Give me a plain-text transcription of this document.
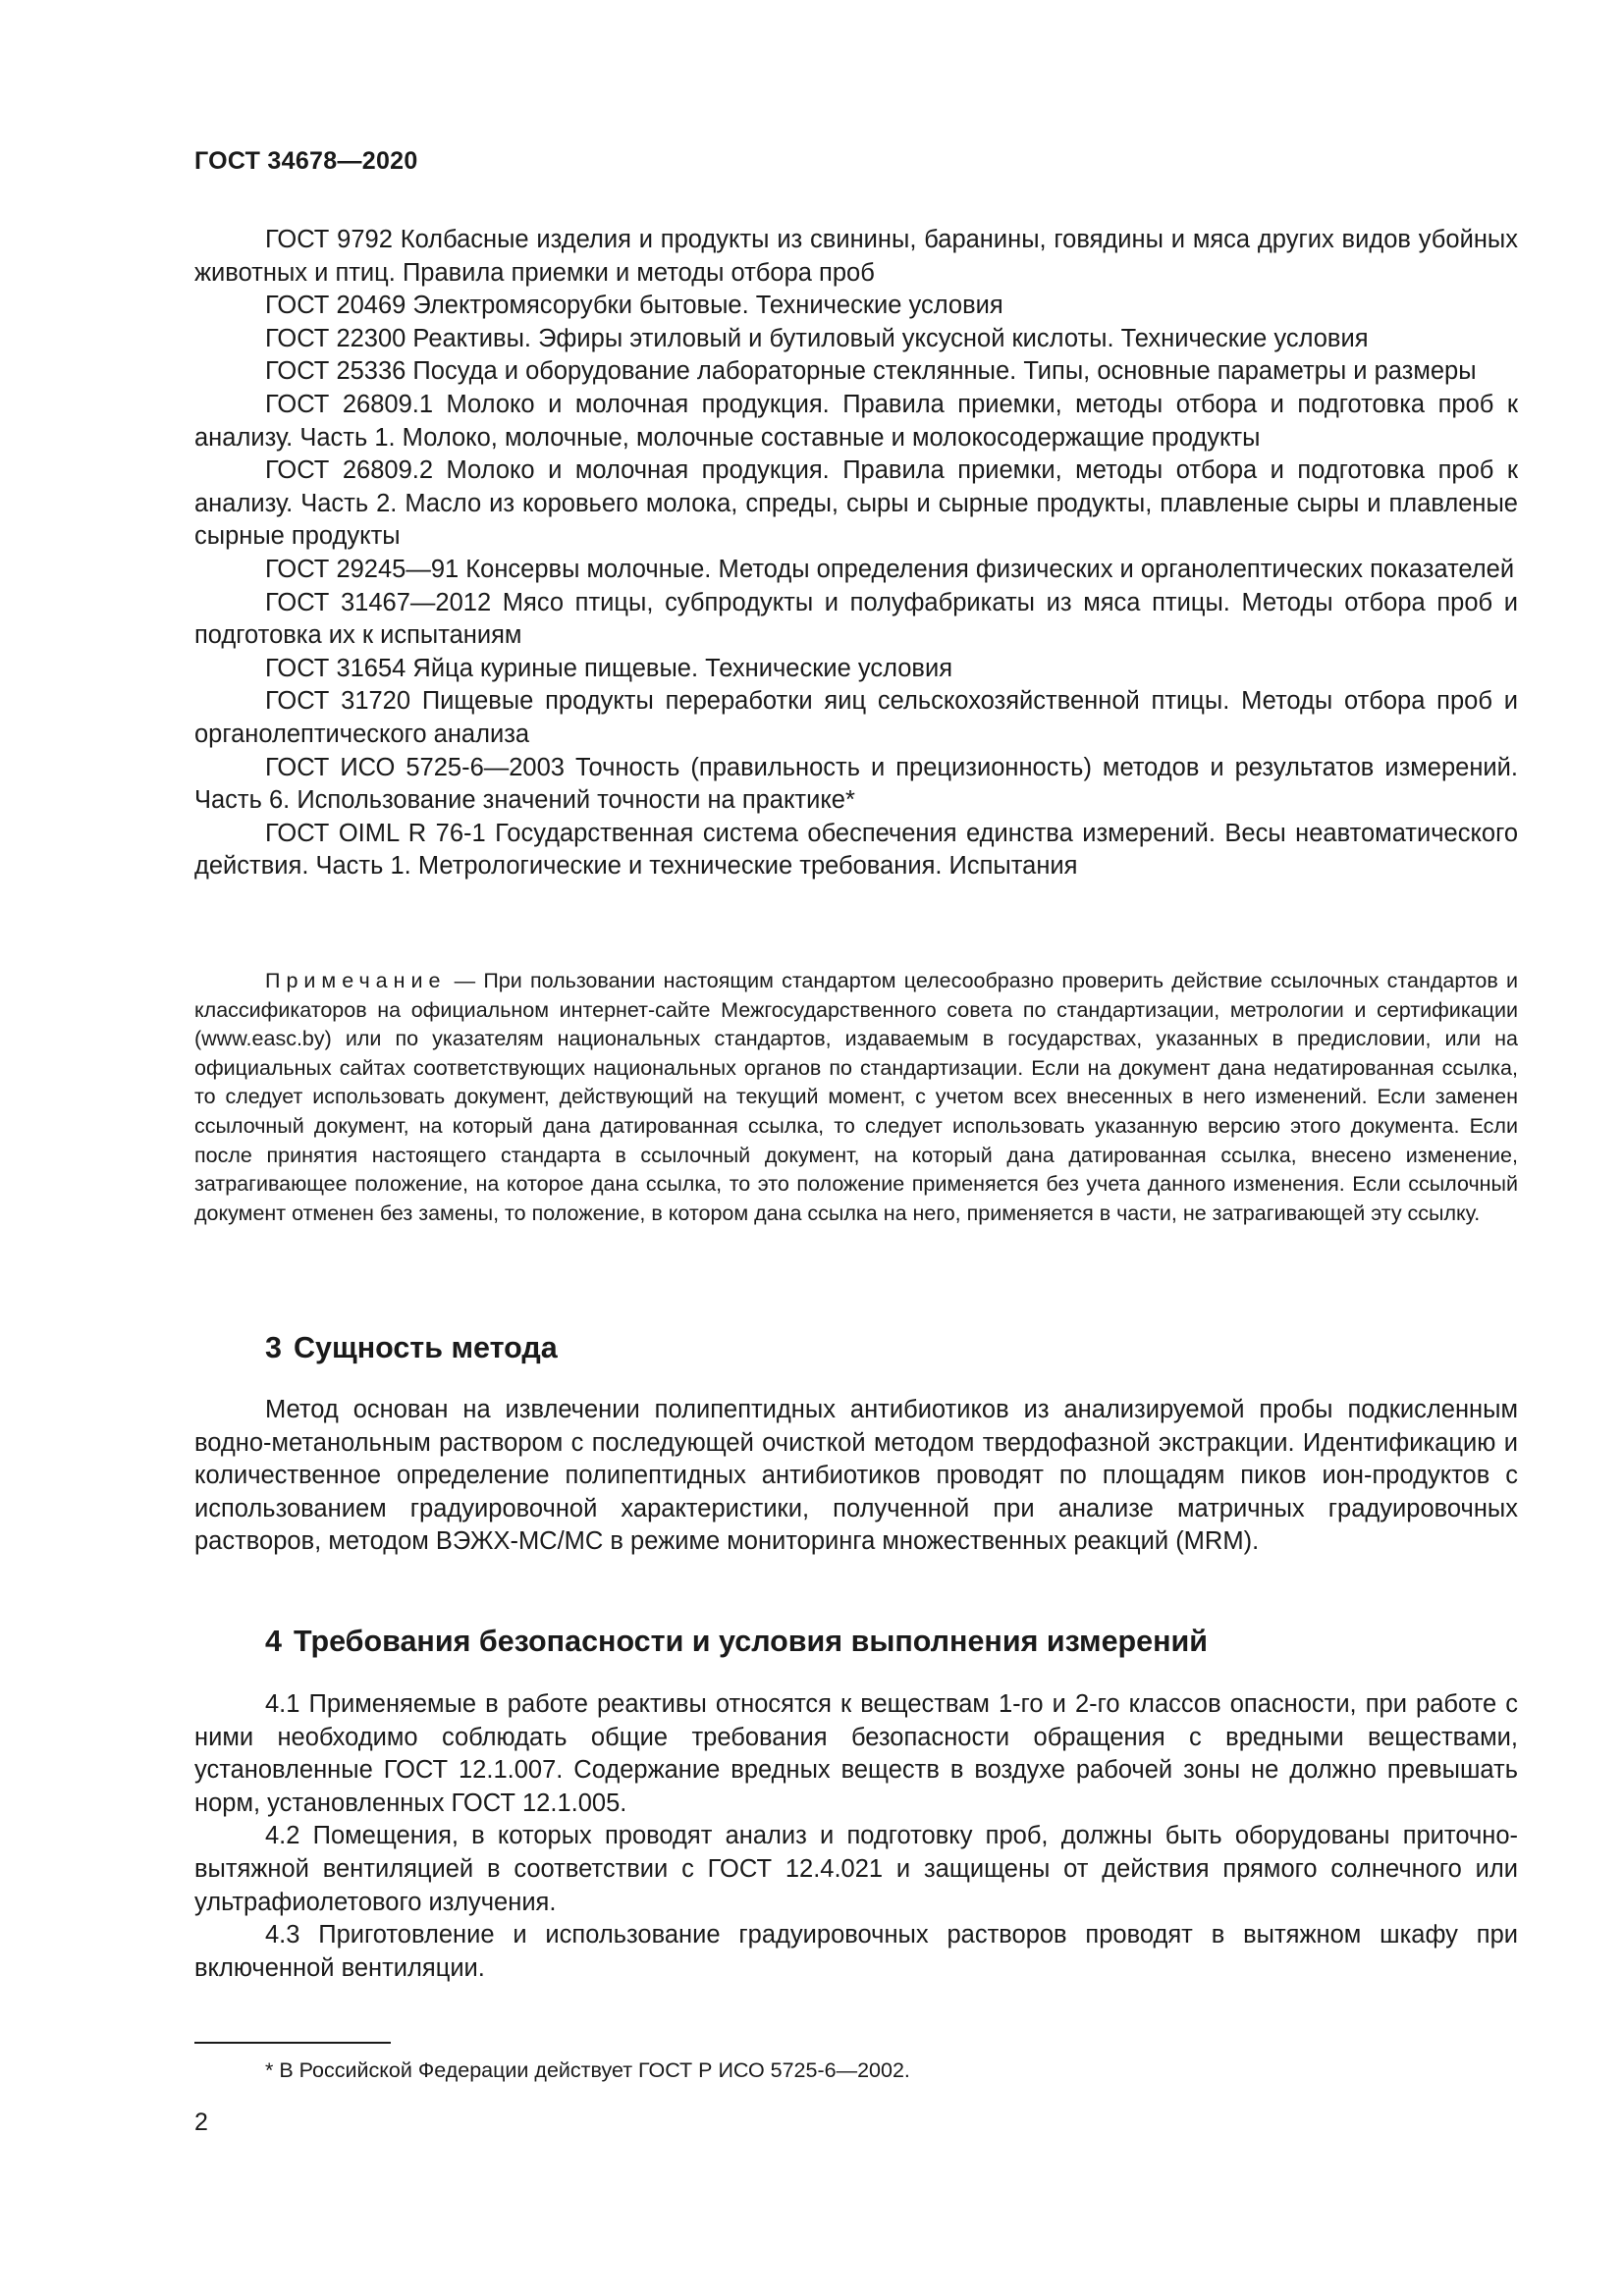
ГОСТ 34678—2020

ГОСТ 9792 Колбасные изделия и продукты из свинины, баранины, говядины и мяса других видов убойных животных и птиц. Правила приемки и методы отбора проб

ГОСТ 20469 Электромясорубки бытовые. Технические условия

ГОСТ 22300 Реактивы. Эфиры этиловый и бутиловый уксусной кислоты. Технические условия

ГОСТ 25336 Посуда и оборудование лабораторные стеклянные. Типы, основные параметры и размеры

ГОСТ 26809.1 Молоко и молочная продукция. Правила приемки, методы отбора и подготовка проб к анализу. Часть 1. Молоко, молочные, молочные составные и молокосодержащие продукты

ГОСТ 26809.2 Молоко и молочная продукция. Правила приемки, методы отбора и подготовка проб к анализу. Часть 2. Масло из коровьего молока, спреды, сыры и сырные продукты, плавленые сыры и плавленые сырные продукты

ГОСТ 29245—91 Консервы молочные. Методы определения физических и органолептических показателей

ГОСТ 31467—2012 Мясо птицы, субпродукты и полуфабрикаты из мяса птицы. Методы отбора проб и подготовка их к испытаниям

ГОСТ 31654 Яйца куриные пищевые. Технические условия

ГОСТ 31720 Пищевые продукты переработки яиц сельскохозяйственной птицы. Методы отбора проб и органолептического анализа

ГОСТ ИСО 5725-6—2003 Точность (правильность и прецизионность) методов и результатов измерений. Часть 6. Использование значений точности на практике*

ГОСТ OIML R 76-1 Государственная система обеспечения единства измерений. Весы неавтоматического действия. Часть 1. Метрологические и технические требования. Испытания

Примечание — При пользовании настоящим стандартом целесообразно проверить действие ссылочных стандартов и классификаторов на официальном интернет-сайте Межгосударственного совета по стандартизации, метрологии и сертификации (www.easc.by) или по указателям национальных стандартов, издаваемым в государствах, указанных в предисловии, или на официальных сайтах соответствующих национальных органов по стандартизации. Если на документ дана недатированная ссылка, то следует использовать документ, действующий на текущий момент, с учетом всех внесенных в него изменений. Если заменен ссылочный документ, на который дана датированная ссылка, то следует использовать указанную версию этого документа. Если после принятия настоящего стандарта в ссылочный документ, на который дана датированная ссылка, внесено изменение, затрагивающее положение, на которое дана ссылка, то это положение применяется без учета данного изменения. Если ссылочный документ отменен без замены, то положение, в котором дана ссылка на него, применяется в части, не затрагивающей эту ссылку.

3 Сущность метода

Метод основан на извлечении полипептидных антибиотиков из анализируемой пробы подкисленным водно-метанольным раствором с последующей очисткой методом твердофазной экстракции. Идентификацию и количественное определение полипептидных антибиотиков проводят по площадям пиков ион-продуктов с использованием градуировочной характеристики, полученной при анализе матричных градуировочных растворов, методом ВЭЖХ-МС/МС в режиме мониторинга множественных реакций (MRM).

4 Требования безопасности и условия выполнения измерений

4.1 Применяемые в работе реактивы относятся к веществам 1-го и 2-го классов опасности, при работе с ними необходимо соблюдать общие требования безопасности обращения с вредными веществами, установленные ГОСТ 12.1.007. Содержание вредных веществ в воздухе рабочей зоны не должно превышать норм, установленных ГОСТ 12.1.005.

4.2 Помещения, в которых проводят анализ и подготовку проб, должны быть оборудованы приточно-вытяжной вентиляцией в соответствии с ГОСТ 12.4.021 и защищены от действия прямого солнечного или ультрафиолетового излучения.

4.3 Приготовление и использование градуировочных растворов проводят в вытяжном шкафу при включенной вентиляции.

* В Российской Федерации действует ГОСТ Р ИСО 5725-6—2002.
2
